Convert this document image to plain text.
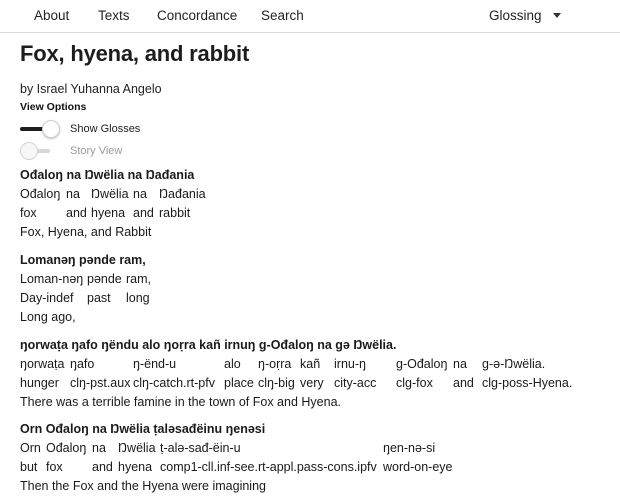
About Texts Concordance Search	Glossing
Fox, hyena, and rabbit
by Israel Yuhanna Angelo
View Options
Show Glosses
Story View
Ođaloŋ na Ŋwëlia na Ŋađania
Ođaloŋ
fox
na
and
Ŋwëlia
hyena
na
and
Ŋađania
rabbit
Fox, Hyena, and Rabbit
Lomanəŋ pənde ram,
Loman-nəŋ
Day-indef
pənde
past
ram,
long
Long ago,
ŋorwaṭa ŋafo ŋëndu alo ŋoṛra kañ irnuŋ g-Ođaloŋ na gə Ŋwëlia.
ŋorwaṭa
hunger
ŋafo
clŋ-pst.aux
ŋ-ënd-u
clŋ-catch.rt-pfv
alo
place
ŋ-oṛra
clŋ-big
kañ
very
irnu-ŋ
city-acc
g-Ođaloŋ
clg-fox
na
and
g-ə-Ŋwëlia.
clg-poss-Hyena.
There was a terrible famine in the town of Fox and Hyena.
Orn Ođaloŋ na Ŋwëlia ṭaləsađëinu ŋenəsi
Orn
but
Ođaloŋ
fox
na
and
Ŋwëlia
hyena
ṭ-alə-sađ-ëin-u
comp1-cll.inf-see.rt-appl.pass-cons.ipfv
ŋen-nə-si
word-on-eye
Then the Fox and the Hyena were imagining
